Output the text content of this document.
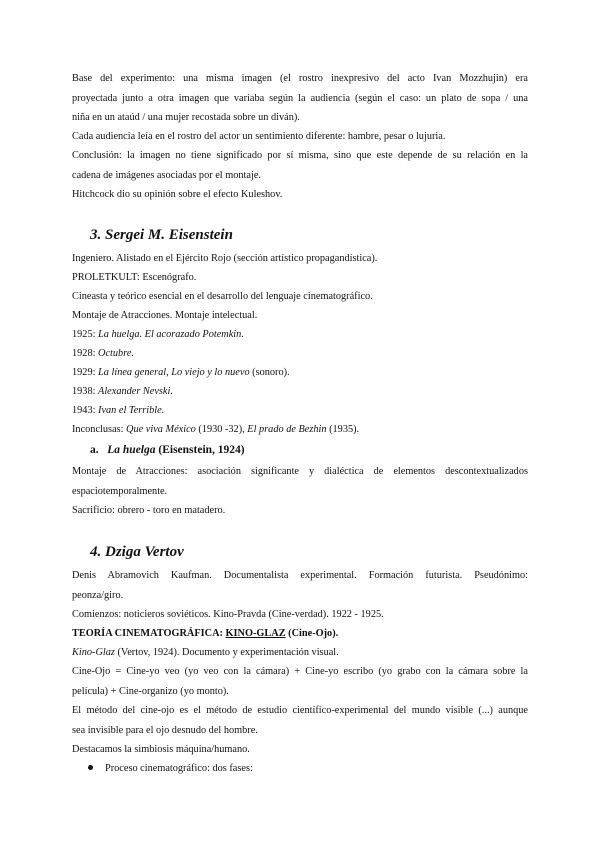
Base del experimento: una misma imagen (el rostro inexpresivo del acto Ivan Mozzhujin) era
proyectada junto a otra imagen que variaba según la audiencia (según el caso: un plato de sopa / una
niña en un ataúd / una mujer recostada sobre un diván).
Cada audiencia leía en el rostro del actor un sentimiento diferente: hambre, pesar o lujuria.
Conclusión: la imagen no tiene significado por sí misma, sino que este depende de su relación en la
cadena de imágenes asociadas por el montaje.
Hitchcock dio su opinión sobre el efecto Kuleshov.
3. Sergei M. Eisenstein
Ingeniero. Alistado en el Ejército Rojo (sección artístico propagandística).
PROLETKULT: Escenógrafo.
Cineasta y teórico esencial en el desarrollo del lenguaje cinematográfico.
Montaje de Atracciones. Montaje intelectual.
1925: La huelga. El acorazado Potemkin.
1928: Octubre.
1929: La línea general, Lo viejo y lo nuevo (sonoro).
1938: Alexander Nevski.
1943: Ivan el Terrible.
Inconclusas: Que viva México (1930 -32), El prado de Bezhin (1935).
a. La huelga (Eisenstein, 1924)
Montaje de Atracciones: asociación significante y dialéctica de elementos descontextualizados
espaciotemporalmente.
Sacrificio: obrero - toro en matadero.
4. Dziga Vertov
Denis Abramovich Kaufman. Documentalista experimental. Formación futurista. Pseudónimo:
peonza/giro.
Comienzos: noticieros soviéticos. Kino-Pravda (Cine-verdad). 1922 - 1925.
TEORÍA CINEMATOGRÁFICA: KINO-GLAZ (Cine-Ojo).
Kino-Glaz (Vertov, 1924). Documento y experimentación visual.
Cine-Ojo = Cine-yo veo (yo veo con la cámara) + Cine-yo escribo (yo grabo con la cámara sobre la
película) + Cine-organizo (yo monto).
El método del cine-ojo es el método de estudio científico-experimental del mundo visible (...) aunque
sea invisible para el ojo desnudo del hombre.
Destacamos la simbiosis máquina/humano.
Proceso cinematográfico: dos fases:
